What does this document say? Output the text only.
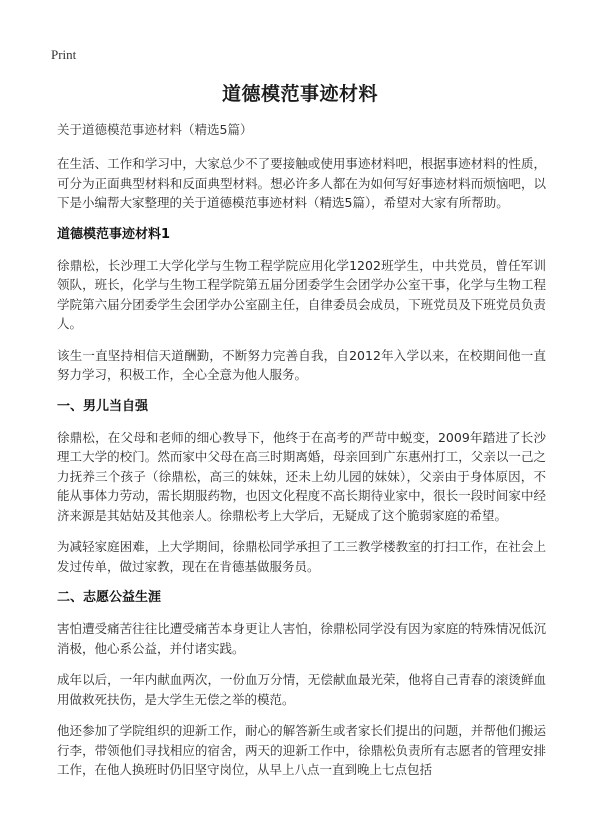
Print
道德模范事迹材料

关于道德模范事迹材料（精选5篇）

在生活、工作和学习中，大家总少不了要接触或使用事迹材料吧，根据事迹材料的性质，可分为正面典型材料和反面典型材料。想必许多人都在为如何写好事迹材料而烦恼吧，以下是小编帮大家整理的关于道德模范事迹材料（精选5篇），希望对大家有所帮助。

道德模范事迹材料1

徐鼎松，长沙理工大学化学与生物工程学院应用化学1202班学生，中共党员，曾任军训领队，班长，化学与生物工程学院第五届分团委学生会团学办公室干事，化学与生物工程学院第六届分团委学生会团学办公室副主任，自律委员会成员，下班党员及下班党员负责人。

该生一直坚持相信天道酬勤，不断努力完善自我，自2012年入学以来，在校期间他一直努力学习，积极工作，全心全意为他人服务。

一、男儿当自强

徐鼎松，在父母和老师的细心教导下，他终于在高考的严苛中蜕变，2009年踏进了长沙理工大学的校门。然而家中父母在高三时期离婚，母亲回到广东惠州打工，父亲以一己之力抚养三个孩子（徐鼎松，高三的妹妹，还未上幼儿园的妹妹），父亲由于身体原因，不能从事体力劳动，需长期服药物，也因文化程度不高长期待业家中，很长一段时间家中经济来源是其姑姑及其他亲人。徐鼎松考上大学后，无疑成了这个脆弱家庭的希望。

为减轻家庭困难，上大学期间，徐鼎松同学承担了工三教学楼教室的打扫工作，在社会上发过传单，做过家教，现在在肯德基做服务员。

二、志愿公益生涯

害怕遭受痛苦往往比遭受痛苦本身更让人害怕，徐鼎松同学没有因为家庭的特殊情况低沉消极，他心系公益，并付诸实践。

成年以后，一年内献血两次，一份血万分情，无偿献血最光荣，他将自己青春的滚烫鲜血用做救死扶伤，是大学生无偿之举的模范。

他还参加了学院组织的迎新工作，耐心的解答新生或者家长们提出的问题，并帮他们搬运行李，带领他们寻找相应的宿舍，两天的迎新工作中，徐鼎松负责所有志愿者的管理安排工作，在他人换班时仍旧坚守岗位，从早上八点一直到晚上七点包括
